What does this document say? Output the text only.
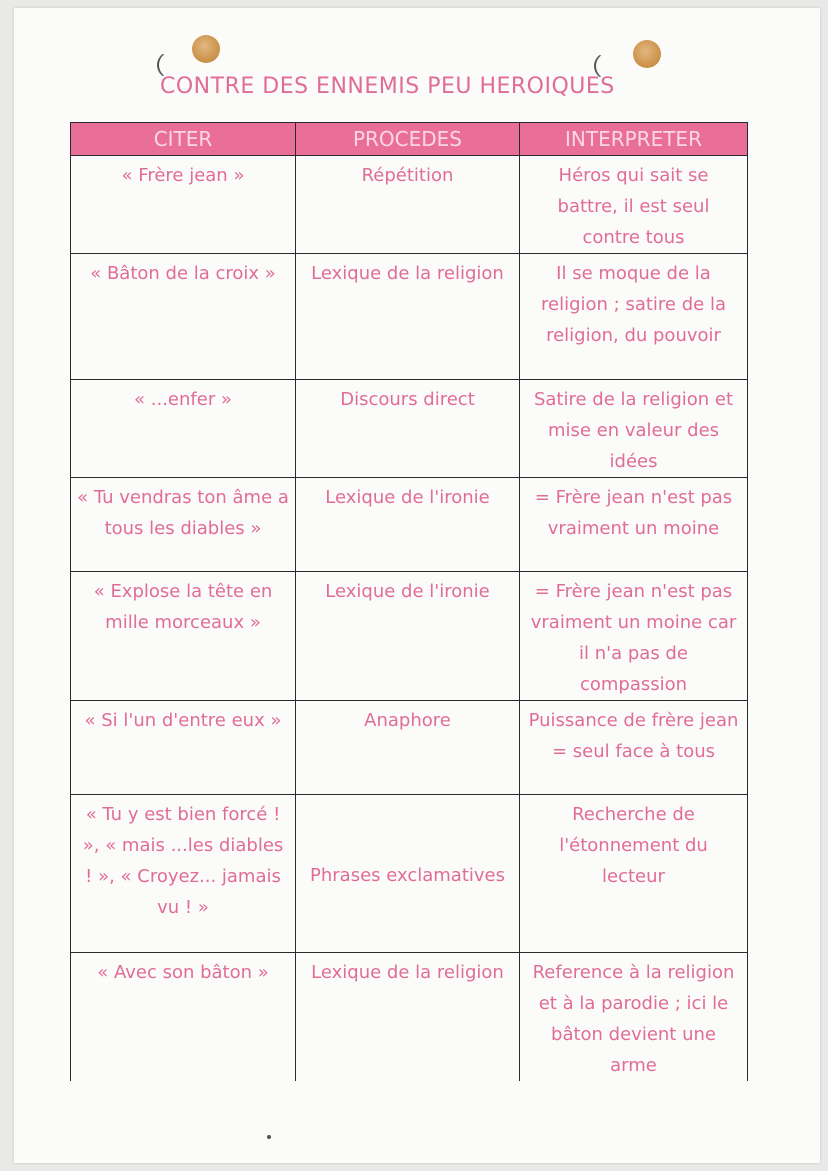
CONTRE DES ENNEMIS PEU HEROIQUES
CITER	PROCEDES	INTERPRETER
« Frère jean »	Répétition	Héros qui sait se battre, il est seul contre tous
« Bâton de la croix »	Lexique de la religion	Il se moque de la religion ; satire de la religion, du pouvoir
« ...enfer »	Discours direct	Satire de la religion et mise en valeur des idées
« Tu vendras ton âme a tous les diables »	Lexique de l'ironie	= Frère jean n'est pas vraiment un moine
« Explose la tête en mille morceaux »	Lexique de l'ironie	= Frère jean n'est pas vraiment un moine car il n'a pas de compassion
« Si l'un d'entre eux »	Anaphore	Puissance de frère jean = seul face à tous
« Tu y est bien forcé ! », « mais ...les diables ! », « Croyez... jamais vu ! »	Phrases exclamatives	Recherche de l'étonnement du lecteur
« Avec son bâton »	Lexique de la religion	Reference à la religion et à la parodie ; ici le bâton devient une arme
